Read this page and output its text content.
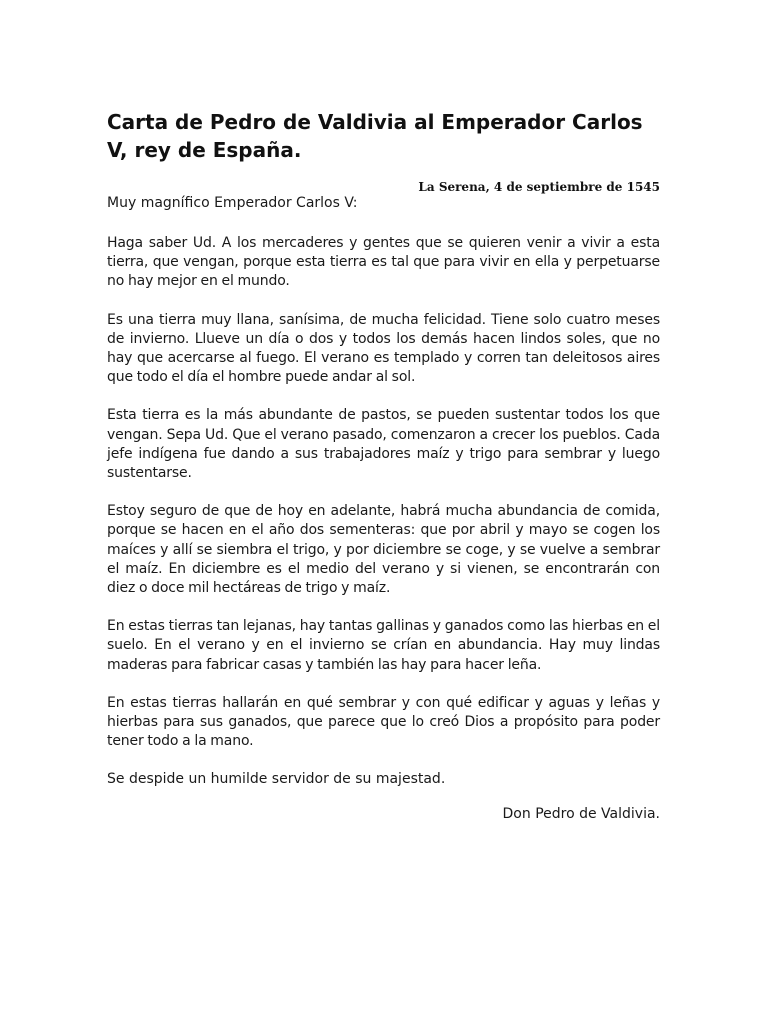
Carta de Pedro de Valdivia al Emperador Carlos V, rey de España.

La Serena, 4 de septiembre de 1545

Muy magnífico Emperador Carlos V:

Haga saber Ud. A los mercaderes y gentes que se quieren venir a vivir a esta tierra, que vengan, porque esta tierra es tal que para vivir en ella y perpetuarse no hay mejor en el mundo.

Es una tierra muy llana, sanísima, de mucha felicidad. Tiene solo cuatro meses de invierno. Llueve un día o dos y todos los demás hacen lindos soles, que no hay que acercarse al fuego. El verano es templado y corren tan deleitosos aires que todo el día el hombre puede andar al sol.

Esta tierra es la más abundante de pastos, se pueden sustentar todos los que vengan. Sepa Ud. Que el verano pasado, comenzaron a crecer los pueblos. Cada jefe indígena fue dando a sus trabajadores maíz y trigo para sembrar y luego sustentarse.

Estoy seguro de que de hoy en adelante, habrá mucha abundancia de comida, porque se hacen en el año dos sementeras: que por abril y mayo se cogen los maíces y allí se siembra el trigo, y por diciembre se coge, y se vuelve a sembrar el maíz. En diciembre es el medio del verano y si vienen, se encontrarán con diez o doce mil hectáreas de trigo y maíz.

En estas tierras tan lejanas, hay tantas gallinas y ganados como las hierbas en el suelo. En el verano y en el invierno se crían en abundancia. Hay muy lindas maderas para fabricar casas y también las hay para hacer leña.

En estas tierras hallarán en qué sembrar y con qué edificar y aguas y leñas y hierbas para sus ganados, que parece que lo creó Dios a propósito para poder tener todo a la mano.

Se despide un humilde servidor de su majestad.

Don Pedro de Valdivia.
